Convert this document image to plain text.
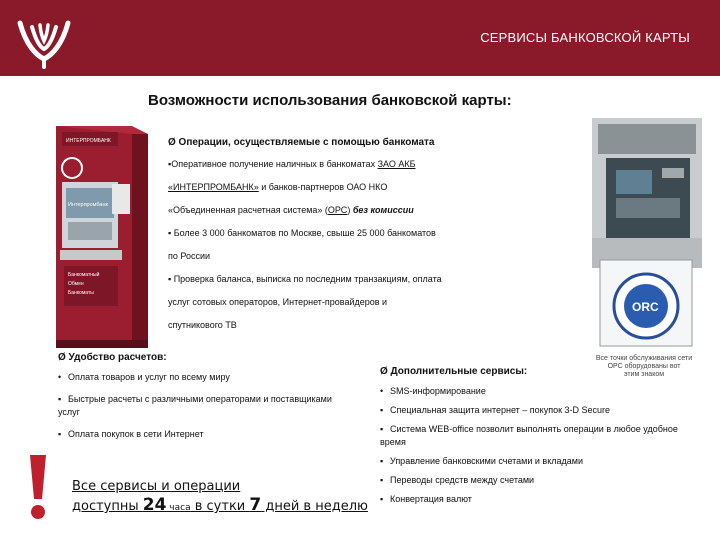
СЕРВИСЫ БАНКОВСКОЙ КАРТЫ
Возможности использования банковской карты:
ИНТЕРПРОМБАНК
Интерпромбанк
Банкоматный
Обмен
Банкоматы
ORC
Все точки обслуживания сети
ОРС оборудованы вот
этим знаком
Ø Операции, осуществляемые с помощью банкомата

▪Оперативное получение наличных в банкоматах ЗАО АКБ

«ИНТЕРПРОМБАНК» и банков-партнеров ОАО НКО

«Объединенная расчетная система» (ОРС) без комиссии

▪ Более 3 000 банкоматов по Москве, свыше 25 000 банкоматов

по России

▪ Проверка баланса, выписка по последним транзакциям, оплата

услуг сотовых операторов, Интернет-провайдеров и

спутникового ТВ

Ø Удобство расчетов:
• Оплата товаров и услуг по всему миру
▪ Быстрые расчеты с различными операторами и поставщиками услуг
▪ Оплата покупок в сети Интернет
Ø Дополнительные сервисы:
• SMS-информирование
▪ Специальная защита интернет – покупок 3-D Secure
▪ Система WEB-office позволит выполнять операции в любое удобное время
▪ Управление банковскими счетами и вкладами
▪ Переводы средств между счетами
▪ Конвертация валют
Все сервисы и операции
доступны 24 часа в сутки 7 дней в неделю
